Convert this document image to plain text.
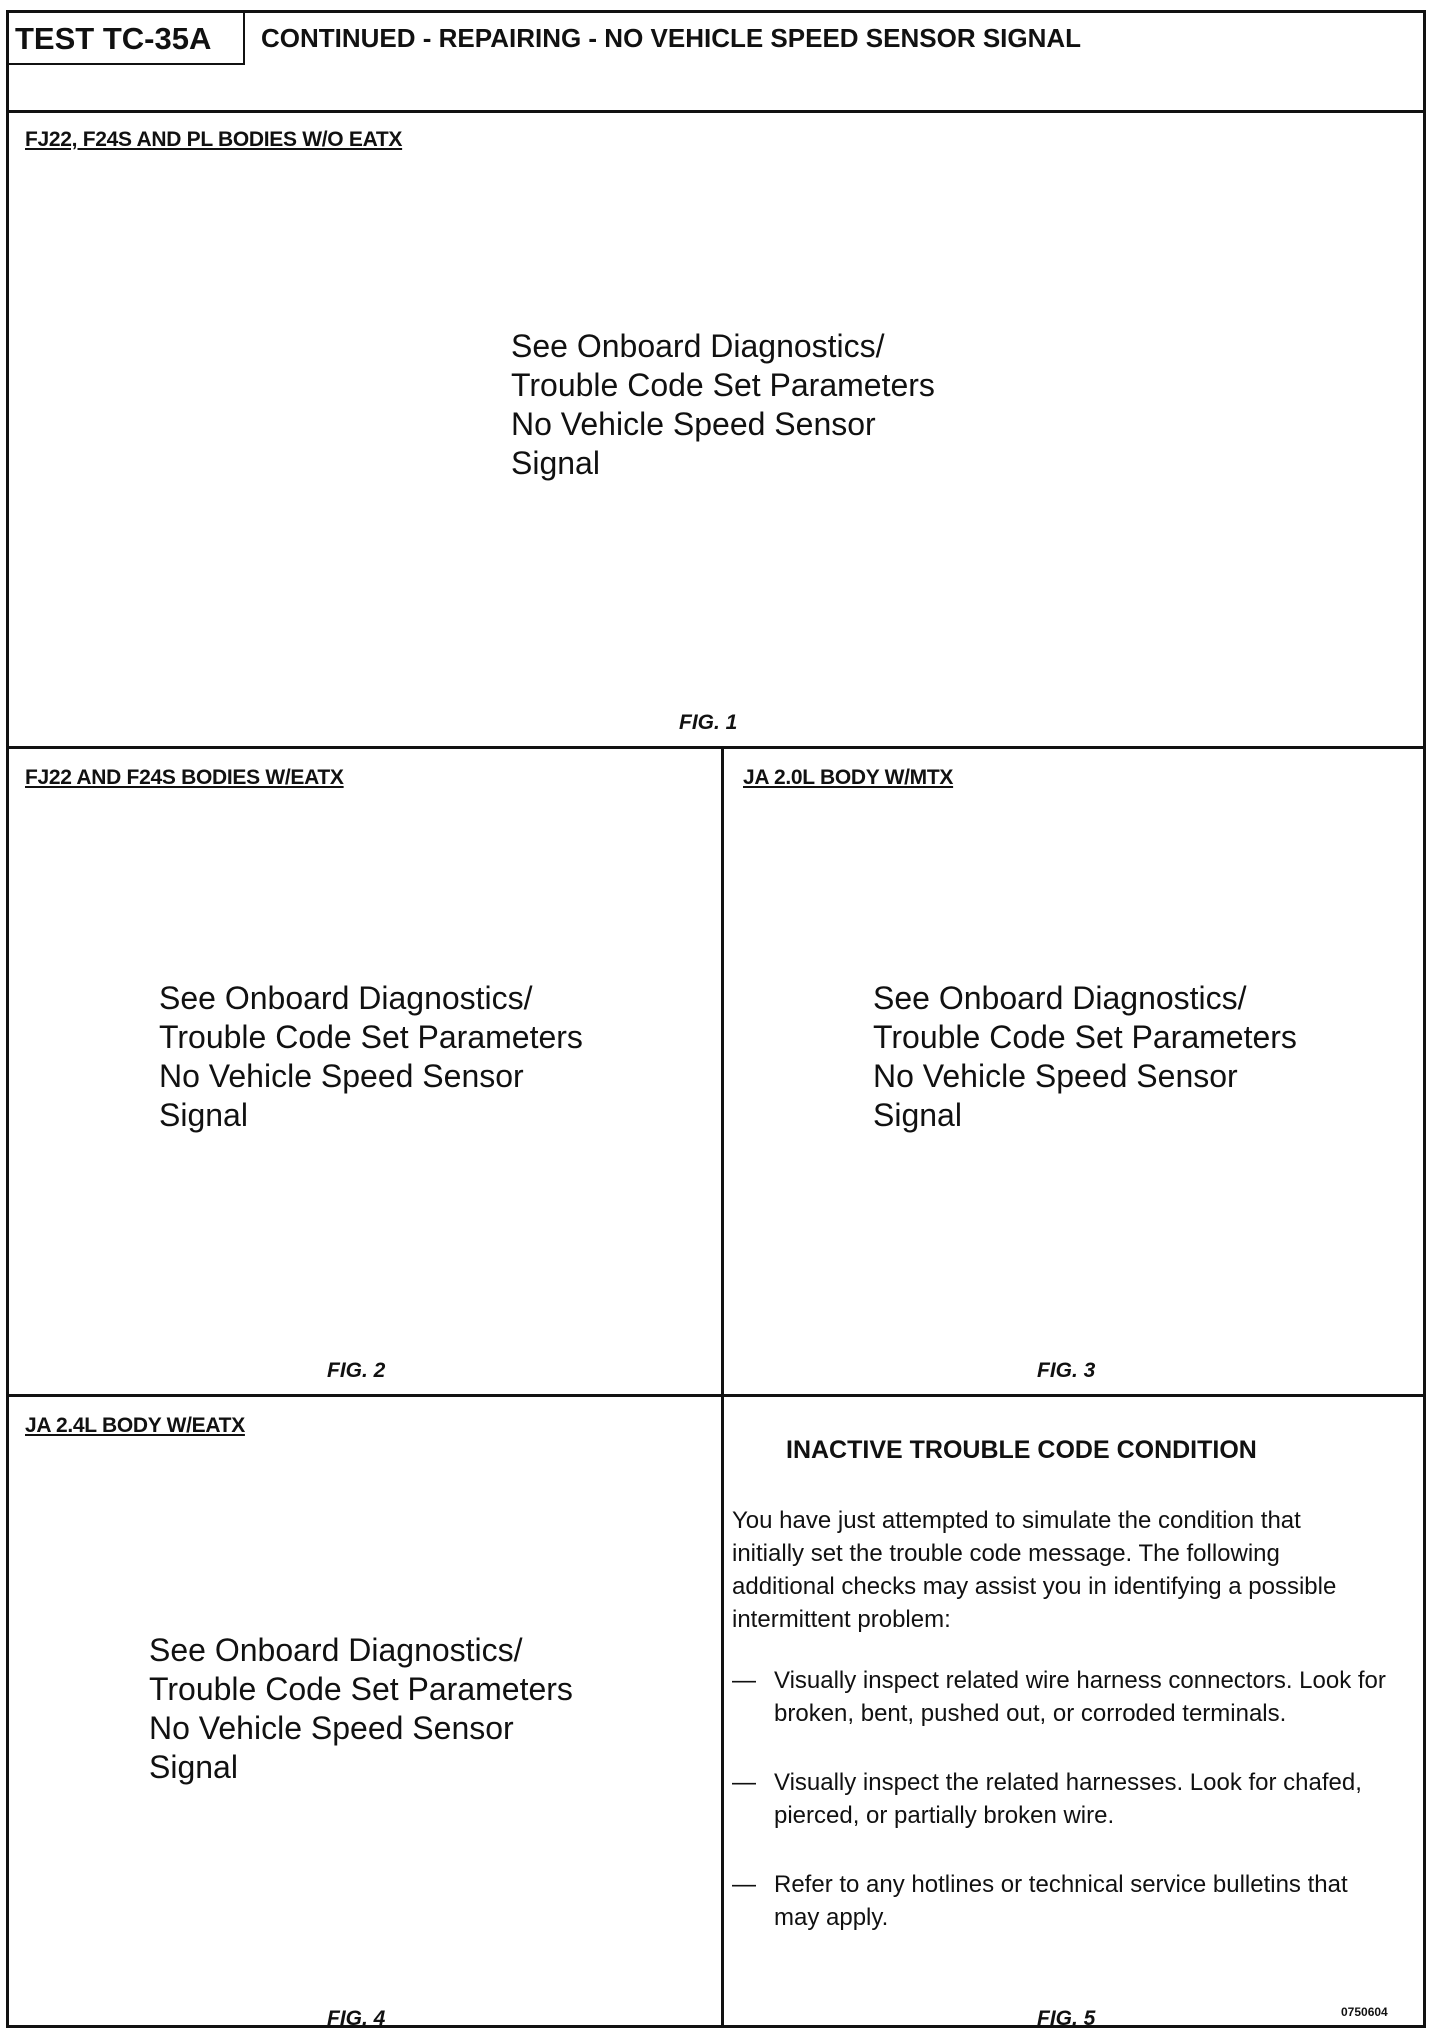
TEST TC-35A	CONTINUED - REPAIRING - NO VEHICLE SPEED SENSOR SIGNAL
FJ22, F24S AND PL BODIES W/O EATX
See Onboard Diagnostics/
Trouble Code Set Parameters
No Vehicle Speed Sensor
Signal
FIG. 1
FJ22 AND F24S BODIES W/EATX
See Onboard Diagnostics/
Trouble Code Set Parameters
No Vehicle Speed Sensor
Signal
FIG. 2
JA 2.0L BODY W/MTX
See Onboard Diagnostics/
Trouble Code Set Parameters
No Vehicle Speed Sensor
Signal
FIG. 3
JA 2.4L BODY W/EATX
See Onboard Diagnostics/
Trouble Code Set Parameters
No Vehicle Speed Sensor
Signal
FIG. 4	FIG. 5	0750604
INACTIVE TROUBLE CODE CONDITION
You have just attempted to simulate the condition that initially set the trouble code message. The following additional checks may assist you in identifying a possible intermittent problem:
— Visually inspect related wire harness connectors. Look for broken, bent, pushed out, or corroded terminals.
— Visually inspect the related harnesses. Look for chafed, pierced, or partially broken wire.
— Refer to any hotlines or technical service bulletins that may apply.
